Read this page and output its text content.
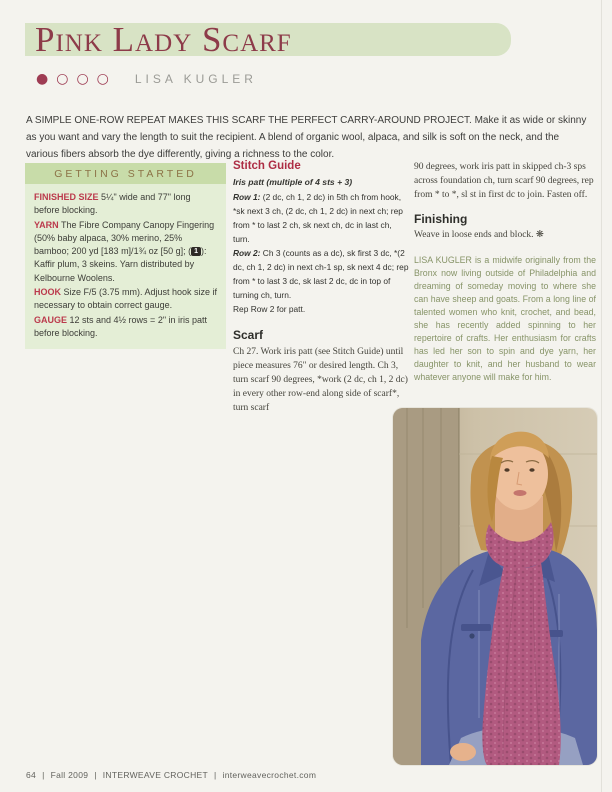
Pink Lady Scarf
● ○ ○ ○ LISA KUGLER

A SIMPLE ONE-ROW REPEAT MAKES THIS SCARF THE PERFECT CARRY-AROUND PROJECT. Make it as wide or skinny as you want and vary the length to suit the recipient. A blend of organic wool, alpaca, and silk is soft on the neck, and the various fibers absorb the dye differently, giving a richness to the color.

GETTING STARTED

FINISHED SIZE 5¼" wide and 77" long before blocking.

YARN The Fibre Company Canopy Fingering (50% baby alpaca, 30% merino, 25% bamboo; 200 yd [183 m]/1¾ oz [50 g]; ( 1 ): Kaffir plum, 3 skeins. Yarn distributed by Kelbourne Woolens.

HOOK Size F/5 (3.75 mm). Adjust hook size if necessary to obtain correct gauge.

GAUGE 12 sts and 4½ rows = 2" in iris patt before blocking.

Stitch Guide

Iris patt (multiple of 4 sts + 3)

Row 1: (2 dc, ch 1, 2 dc) in 5th ch from hook, *sk next 3 ch, (2 dc, ch 1, 2 dc) in next ch; rep from * to last 2 ch, sk next ch, dc in last ch, turn.

Row 2: Ch 3 (counts as a dc), sk first 3 dc, *(2 dc, ch 1, 2 dc) in next ch-1 sp, sk next 4 dc; rep from * to last 3 dc, sk last 2 dc, dc in top of turning ch, turn.

Rep Row 2 for patt.

Scarf

Ch 27. Work iris patt (see Stitch Guide) until piece measures 76" or desired length. Ch 3, turn scarf 90 degrees, *work (2 dc, ch 1, 2 dc) in every other row-end along side of scarf*, turn scarf

90 degrees, work iris patt in skipped ch-3 sps across foundation ch, turn scarf 90 degrees, rep from * to *, sl st in first dc to join. Fasten off.

Finishing

Weave in loose ends and block. ❋

LISA KUGLER is a midwife originally from the Bronx now living outside of Philadelphia and dreaming of someday moving to where she can have sheep and goats. From a long line of talented women who knit, crochet, and bead, she has recently added spinning to her repertoire of crafts. Her enthusiasm for crafts has led her son to spin and dye yarn, her daughter to knit, and her husband to wear whatever anyone will make for him.

64 | Fall 2009 | INTERWEAVE CROCHET | interweavecrochet.com
